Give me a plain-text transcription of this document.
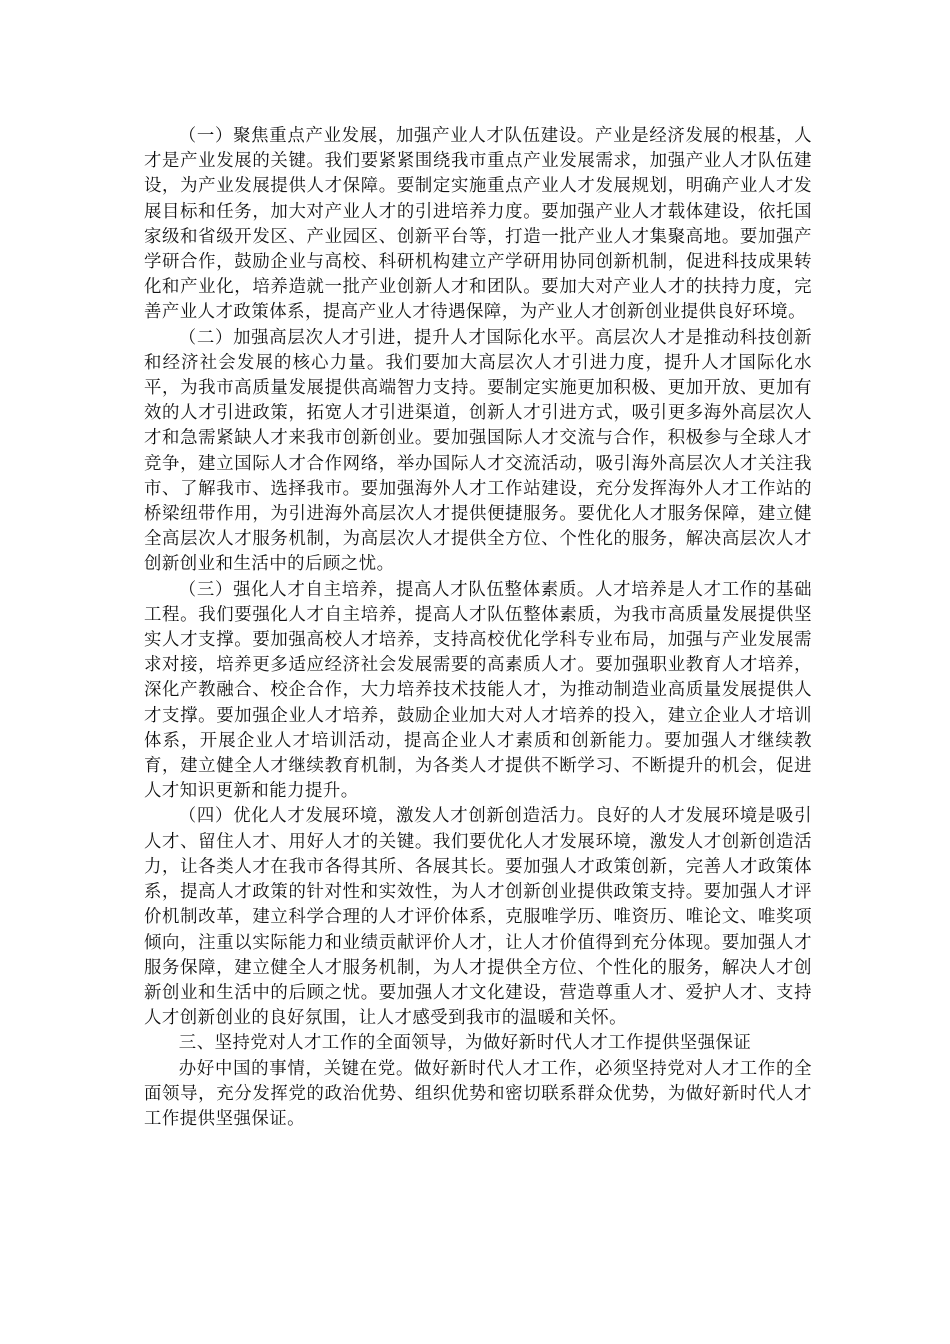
（一）聚焦重点产业发展，加强产业人才队伍建设。产业是经济发展的根基，人才是产业发展的关键。我们要紧紧围绕我市重点产业发展需求，加强产业人才队伍建设，为产业发展提供人才保障。要制定实施重点产业人才发展规划，明确产业人才发展目标和任务，加大对产业人才的引进培养力度。要加强产业人才载体建设，依托国家级和省级开发区、产业园区、创新平台等，打造一批产业人才集聚高地。要加强产学研合作，鼓励企业与高校、科研机构建立产学研用协同创新机制，促进科技成果转化和产业化，培养造就一批产业创新人才和团队。要加大对产业人才的扶持力度，完善产业人才政策体系，提高产业人才待遇保障，为产业人才创新创业提供良好环境。

（二）加强高层次人才引进，提升人才国际化水平。高层次人才是推动科技创新和经济社会发展的核心力量。我们要加大高层次人才引进力度，提升人才国际化水平，为我市高质量发展提供高端智力支持。要制定实施更加积极、更加开放、更加有效的人才引进政策，拓宽人才引进渠道，创新人才引进方式，吸引更多海外高层次人才和急需紧缺人才来我市创新创业。要加强国际人才交流与合作，积极参与全球人才竞争，建立国际人才合作网络，举办国际人才交流活动，吸引海外高层次人才关注我市、了解我市、选择我市。要加强海外人才工作站建设，充分发挥海外人才工作站的桥梁纽带作用，为引进海外高层次人才提供便捷服务。要优化人才服务保障，建立健全高层次人才服务机制，为高层次人才提供全方位、个性化的服务，解决高层次人才创新创业和生活中的后顾之忧。

（三）强化人才自主培养，提高人才队伍整体素质。人才培养是人才工作的基础工程。我们要强化人才自主培养，提高人才队伍整体素质，为我市高质量发展提供坚实人才支撑。要加强高校人才培养，支持高校优化学科专业布局，加强与产业发展需求对接，培养更多适应经济社会发展需要的高素质人才。要加强职业教育人才培养，深化产教融合、校企合作，大力培养技术技能人才，为推动制造业高质量发展提供人才支撑。要加强企业人才培养，鼓励企业加大对人才培养的投入，建立企业人才培训体系，开展企业人才培训活动，提高企业人才素质和创新能力。要加强人才继续教育，建立健全人才继续教育机制，为各类人才提供不断学习、不断提升的机会，促进人才知识更新和能力提升。

（四）优化人才发展环境，激发人才创新创造活力。良好的人才发展环境是吸引人才、留住人才、用好人才的关键。我们要优化人才发展环境，激发人才创新创造活力，让各类人才在我市各得其所、各展其长。要加强人才政策创新，完善人才政策体系，提高人才政策的针对性和实效性，为人才创新创业提供政策支持。要加强人才评价机制改革，建立科学合理的人才评价体系，克服唯学历、唯资历、唯论文、唯奖项倾向，注重以实际能力和业绩贡献评价人才，让人才价值得到充分体现。要加强人才服务保障，建立健全人才服务机制，为人才提供全方位、个性化的服务，解决人才创新创业和生活中的后顾之忧。要加强人才文化建设，营造尊重人才、爱护人才、支持人才创新创业的良好氛围，让人才感受到我市的温暖和关怀。

三、坚持党对人才工作的全面领导，为做好新时代人才工作提供坚强保证

办好中国的事情，关键在党。做好新时代人才工作，必须坚持党对人才工作的全面领导，充分发挥党的政治优势、组织优势和密切联系群众优势，为做好新时代人才工作提供坚强保证。
